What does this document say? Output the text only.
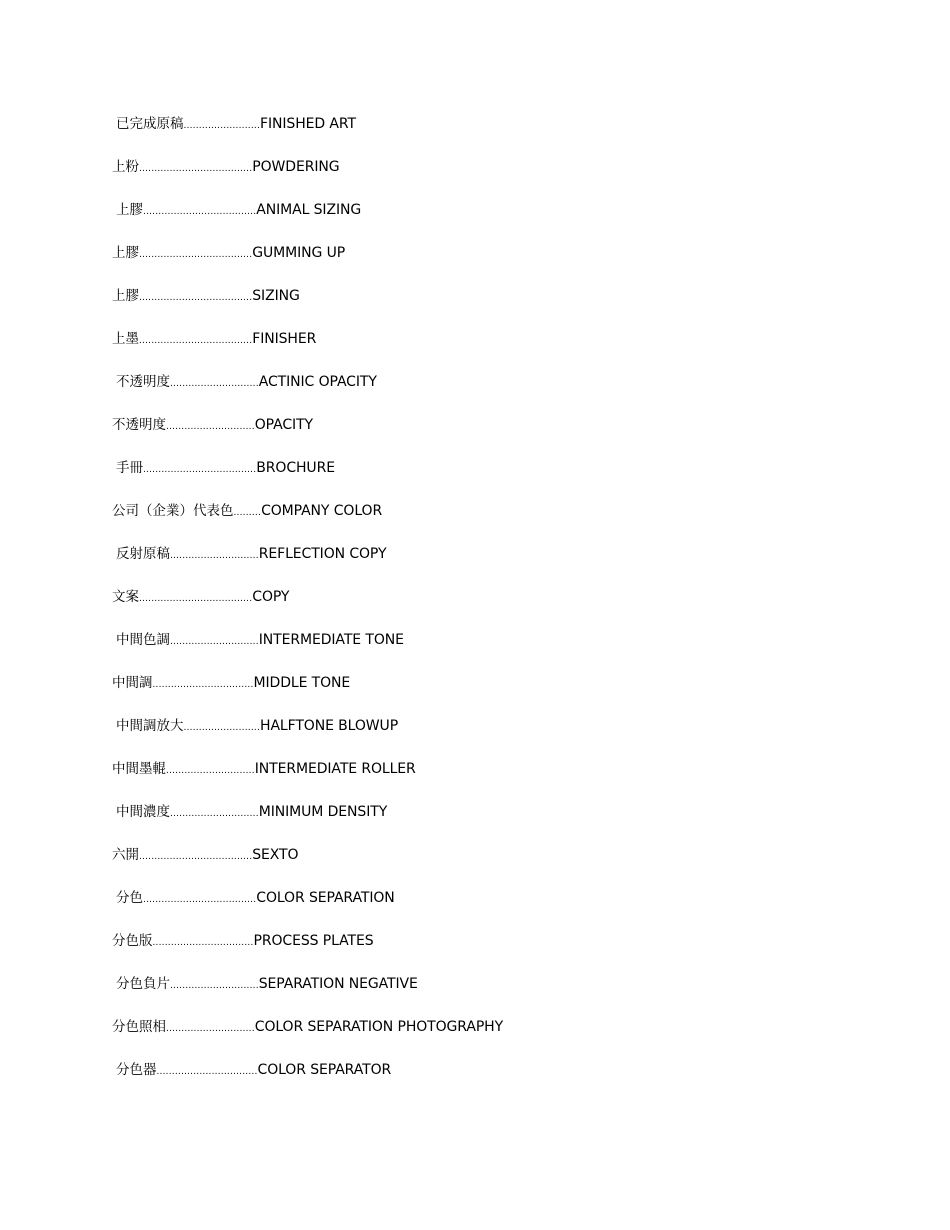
已完成原稿.........................FINISHED ART
上粉.....................................POWDERING
上膠.....................................ANIMAL SIZING
上膠.....................................GUMMING UP
上膠.....................................SIZING
上墨.....................................FINISHER
不透明度.............................ACTINIC OPACITY
不透明度.............................OPACITY
手冊.....................................BROCHURE
公司（企業）代表色.........COMPANY COLOR
反射原稿.............................REFLECTION COPY
文案.....................................COPY
中間色調.............................INTERMEDIATE TONE
中間調.................................MIDDLE TONE
中間調放大.........................HALFTONE BLOWUP
中間墨輥.............................INTERMEDIATE ROLLER
中間濃度.............................MINIMUM DENSITY
六開.....................................SEXTO
分色.....................................COLOR SEPARATION
分色版.................................PROCESS PLATES
分色負片.............................SEPARATION NEGATIVE
分色照相.............................COLOR SEPARATION PHOTOGRAPHY
分色器.................................COLOR SEPARATOR
